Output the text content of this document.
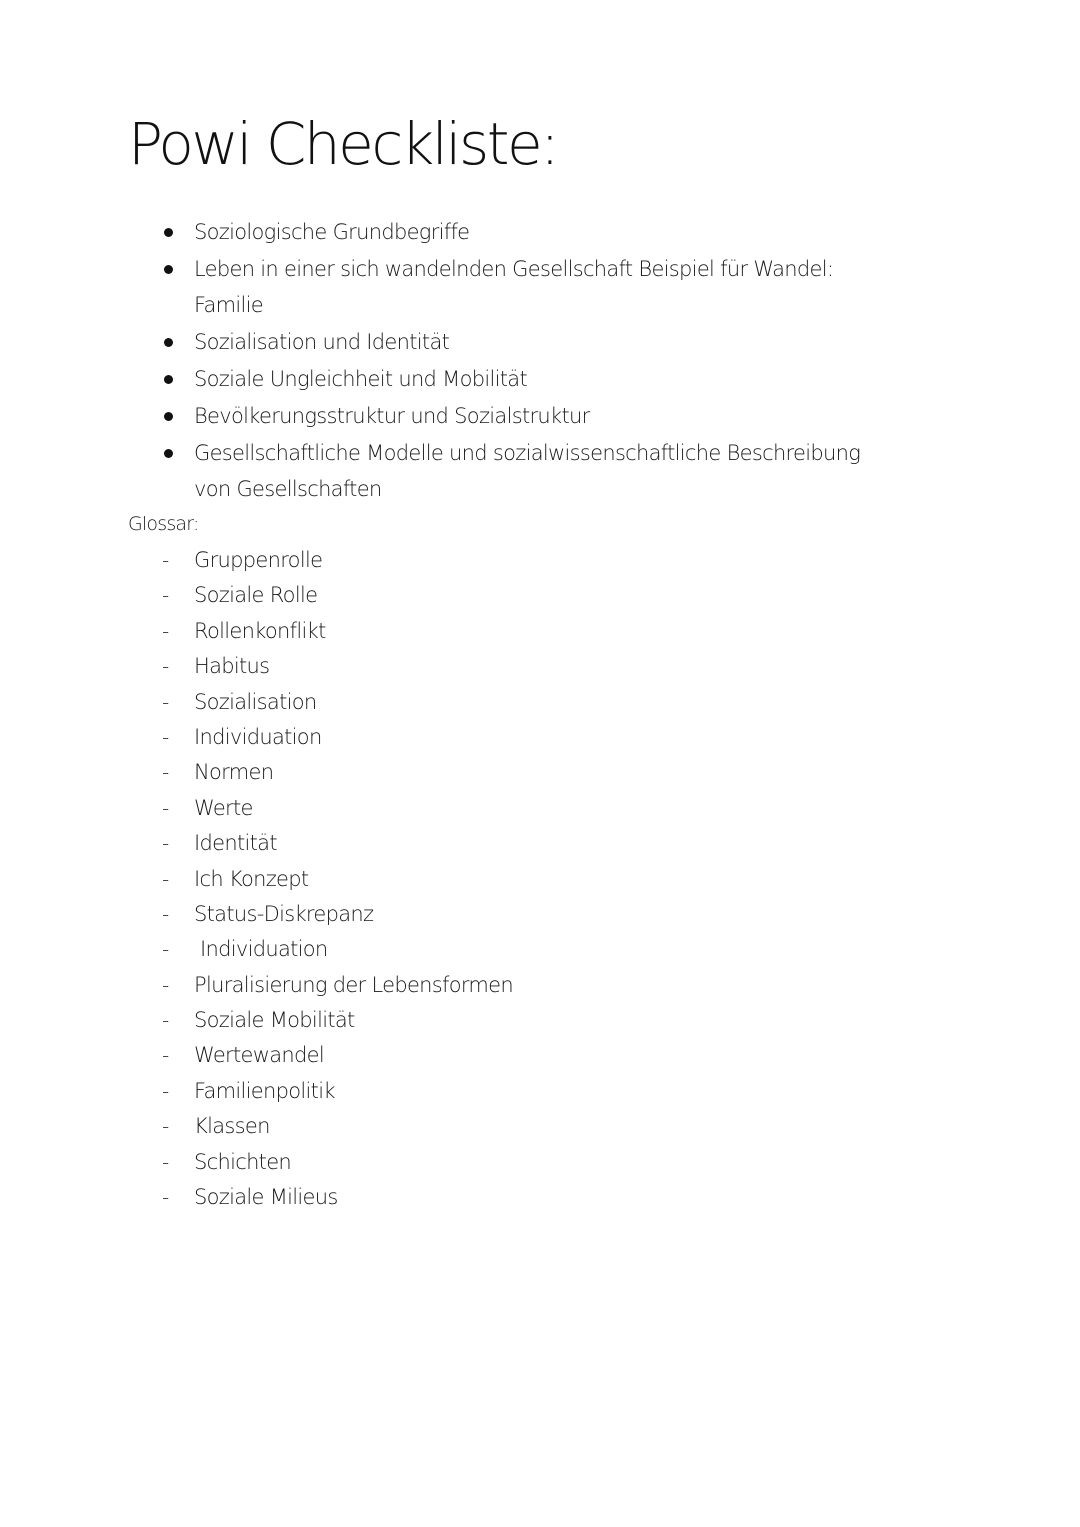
Powi Checkliste:
Soziologische Grundbegriffe
Leben in einer sich wandelnden Gesellschaft Beispiel für Wandel: Familie
Sozialisation und Identität
Soziale Ungleichheit und Mobilität
Bevölkerungsstruktur und Sozialstruktur
Gesellschaftliche Modelle und sozialwissenschaftliche Beschreibung von Gesellschaften
Glossar:
- Gruppenrolle
- Soziale Rolle
- Rollenkonflikt
- Habitus
- Sozialisation
- Individuation
- Normen
- Werte
- Identität
- Ich Konzept
- Status-Diskrepanz
- Individuation
- Pluralisierung der Lebensformen
- Soziale Mobilität
- Wertewandel
- Familienpolitik
- Klassen
- Schichten
- Soziale Milieus
